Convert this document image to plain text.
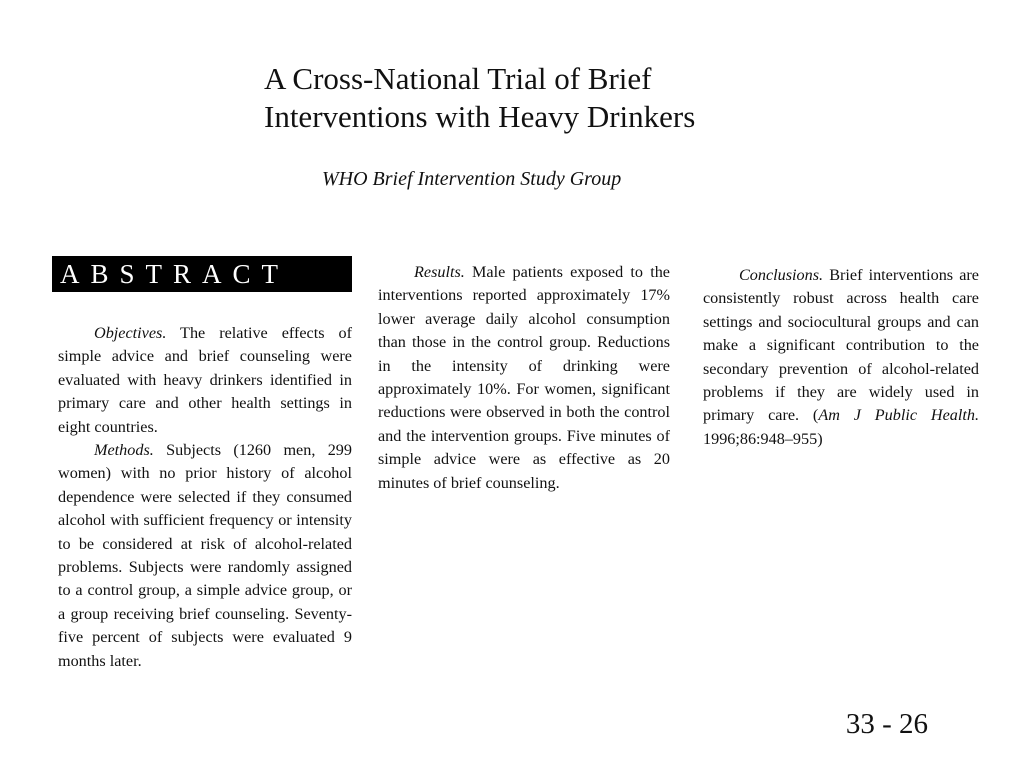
A Cross-National Trial of Brief
Interventions with Heavy Drinkers

WHO Brief Intervention Study Group

ABSTRACT

Objectives. The relative effects of simple advice and brief counseling were evaluated with heavy drinkers identified in primary care and other health settings in eight countries.

Methods. Subjects (1260 men, 299 women) with no prior history of alcohol dependence were selected if they consumed alcohol with sufficient frequency or intensity to be considered at risk of alcohol-related problems. Subjects were randomly assigned to a control group, a simple advice group, or a group receiving brief counseling. Seventy-five percent of subjects were evaluated 9 months later.

Results. Male patients exposed to the interventions reported approximately 17% lower average daily alcohol consumption than those in the control group. Reductions in the intensity of drinking were approximately 10%. For women, significant reductions were observed in both the control and the intervention groups. Five minutes of simple advice were as effective as 20 minutes of brief counseling.

Conclusions. Brief interventions are consistently robust across health care settings and sociocultural groups and can make a significant contribution to the secondary prevention of alcohol-related problems if they are widely used in primary care. (Am J Public Health. 1996;86:948–955)

33 - 26
